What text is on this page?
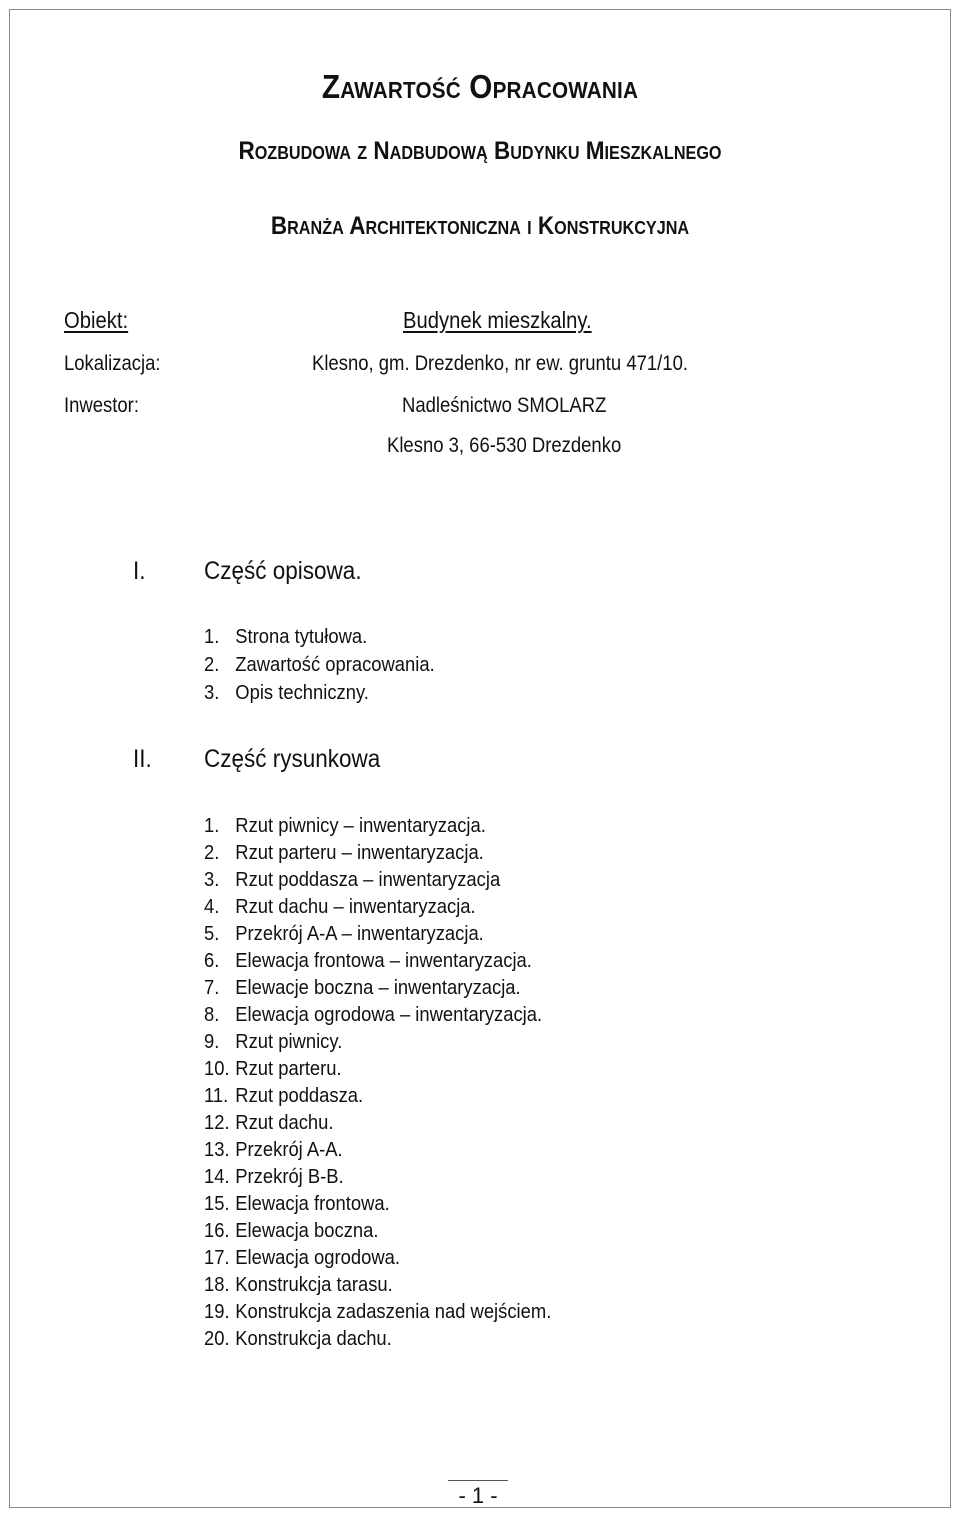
Zawartość Opracowania
Rozbudowa z Nadbudową Budynku Mieszkalnego
Branża Architektoniczna i Konstrukcyjna
Obiekt:	Budynek mieszkalny.
Lokalizacja:	Klesno, gm. Drezdenko, nr ew. gruntu 471/10.
Inwestor:	Nadleśnictwo SMOLARZ
Klesno 3, 66-530 Drezdenko
I. Część opisowa.
1. Strona tytułowa.
2. Zawartość opracowania.
3. Opis techniczny.
II. Część rysunkowa
1. Rzut piwnicy – inwentaryzacja.
2. Rzut parteru – inwentaryzacja.
3. Rzut poddasza – inwentaryzacja
4. Rzut dachu – inwentaryzacja.
5. Przekrój A-A – inwentaryzacja.
6. Elewacja frontowa – inwentaryzacja.
7. Elewacje boczna – inwentaryzacja.
8. Elewacja ogrodowa – inwentaryzacja.
9. Rzut piwnicy.
10. Rzut parteru.
11. Rzut poddasza.
12. Rzut dachu.
13. Przekrój A-A.
14. Przekrój B-B.
15. Elewacja frontowa.
16. Elewacja boczna.
17. Elewacja ogrodowa.
18. Konstrukcja tarasu.
19. Konstrukcja zadaszenia nad wejściem.
20. Konstrukcja dachu.
- 1 -
